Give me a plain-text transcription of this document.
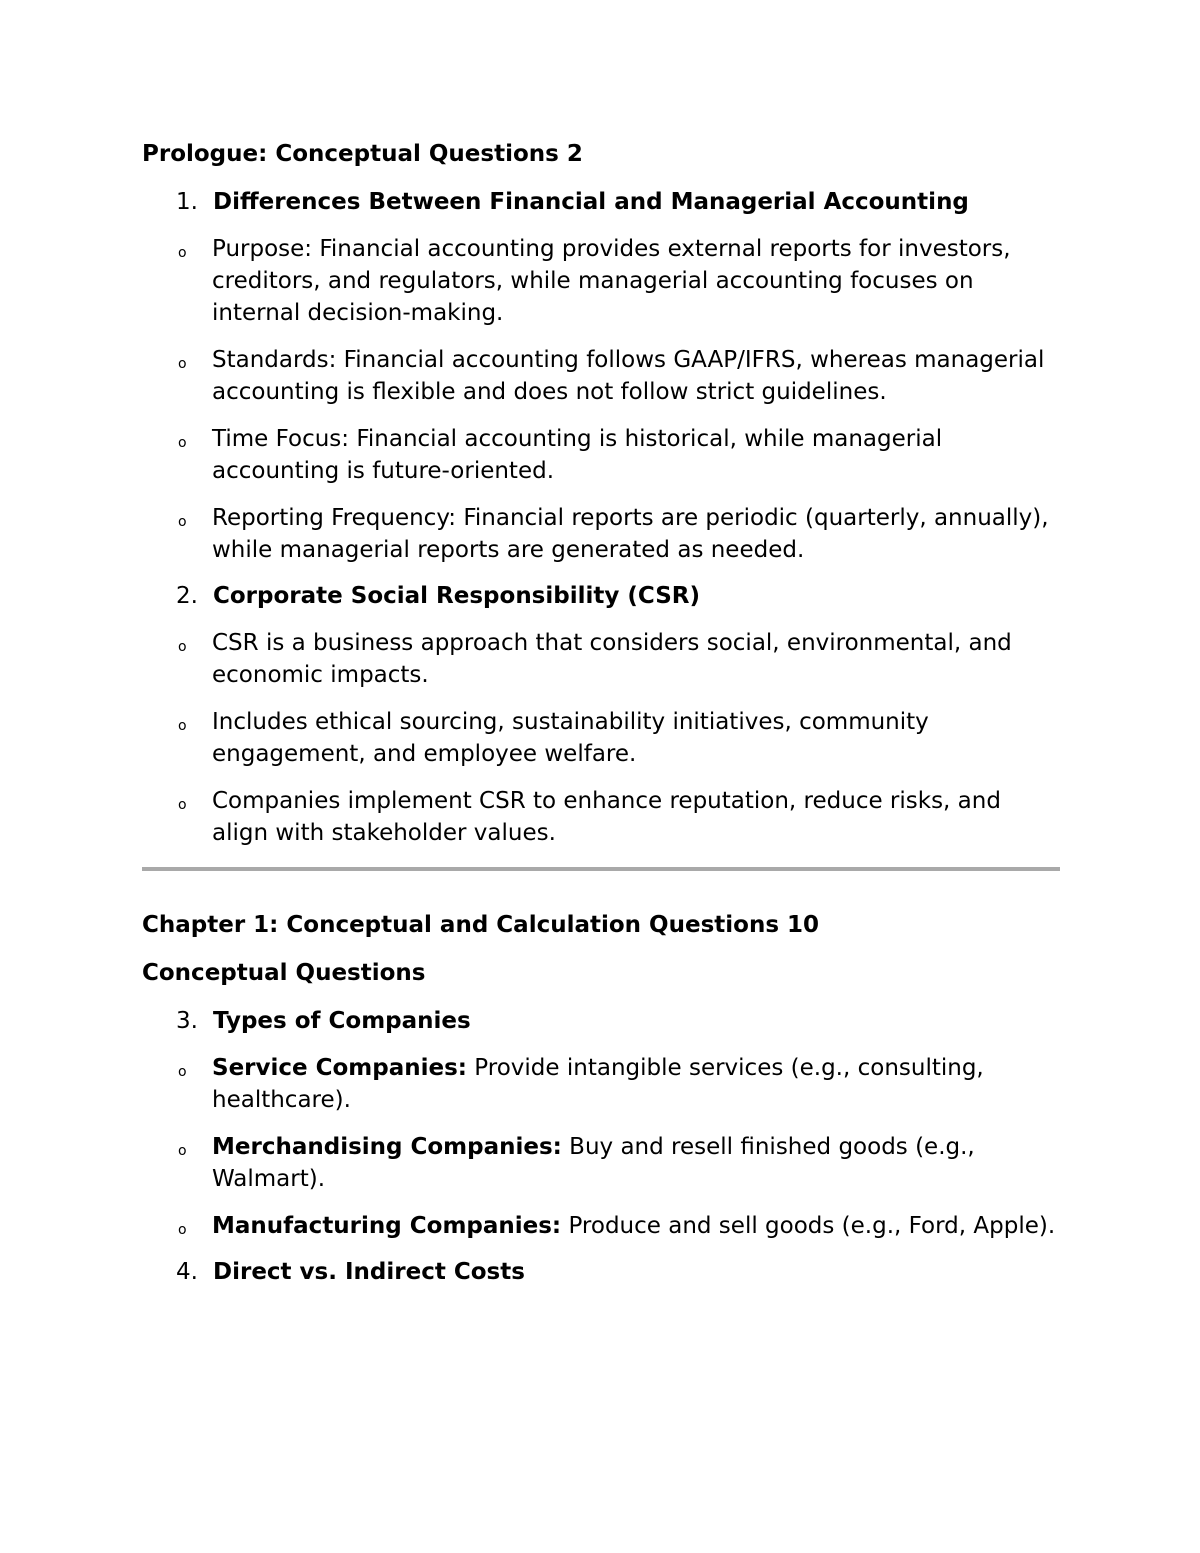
Prologue: Conceptual Questions 2

1. Differences Between Financial and Managerial Accounting
o Purpose: Financial accounting provides external reports for investors, creditors, and regulators, while managerial accounting focuses on internal decision-making.
o Standards: Financial accounting follows GAAP/IFRS, whereas managerial accounting is flexible and does not follow strict guidelines.
o Time Focus: Financial accounting is historical, while managerial accounting is future-oriented.
o Reporting Frequency: Financial reports are periodic (quarterly, annually), while managerial reports are generated as needed.
2. Corporate Social Responsibility (CSR)
o CSR is a business approach that considers social, environmental, and economic impacts.
o Includes ethical sourcing, sustainability initiatives, community engagement, and employee welfare.
o Companies implement CSR to enhance reputation, reduce risks, and align with stakeholder values.

Chapter 1: Conceptual and Calculation Questions 10

Conceptual Questions

3. Types of Companies
o Service Companies: Provide intangible services (e.g., consulting, healthcare).
o Merchandising Companies: Buy and resell finished goods (e.g., Walmart).
o Manufacturing Companies: Produce and sell goods (e.g., Ford, Apple).
4. Direct vs. Indirect Costs
